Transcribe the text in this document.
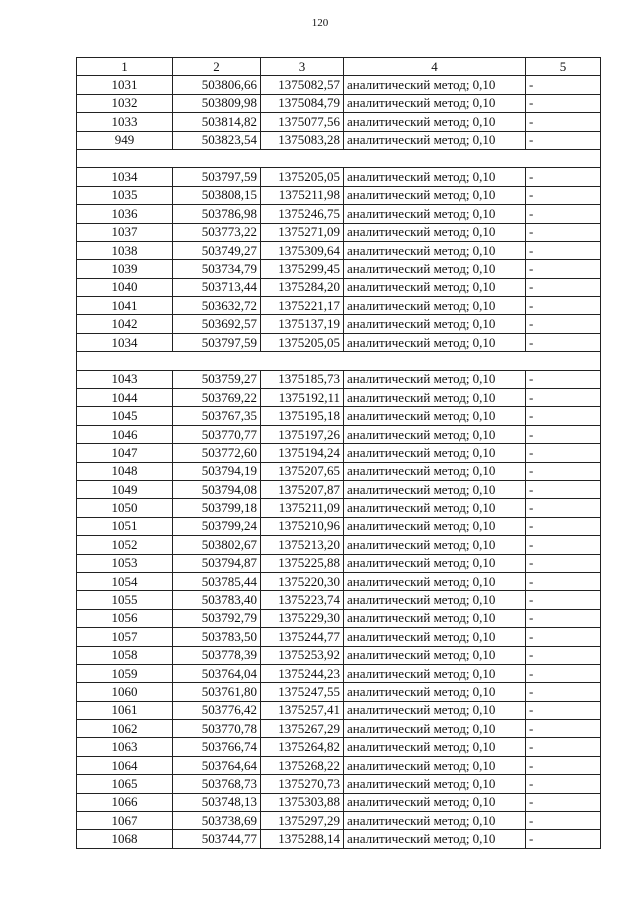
120
1	2	3	4	5
1031	503806,66	1375082,57	аналитический метод; 0,10	-
1032	503809,98	1375084,79	аналитический метод; 0,10	-
1033	503814,82	1375077,56	аналитический метод; 0,10	-
949	503823,54	1375083,28	аналитический метод; 0,10	-

1034	503797,59	1375205,05	аналитический метод; 0,10	-
1035	503808,15	1375211,98	аналитический метод; 0,10	-
1036	503786,98	1375246,75	аналитический метод; 0,10	-
1037	503773,22	1375271,09	аналитический метод; 0,10	-
1038	503749,27	1375309,64	аналитический метод; 0,10	-
1039	503734,79	1375299,45	аналитический метод; 0,10	-
1040	503713,44	1375284,20	аналитический метод; 0,10	-
1041	503632,72	1375221,17	аналитический метод; 0,10	-
1042	503692,57	1375137,19	аналитический метод; 0,10	-
1034	503797,59	1375205,05	аналитический метод; 0,10	-

1043	503759,27	1375185,73	аналитический метод; 0,10	-
1044	503769,22	1375192,11	аналитический метод; 0,10	-
1045	503767,35	1375195,18	аналитический метод; 0,10	-
1046	503770,77	1375197,26	аналитический метод; 0,10	-
1047	503772,60	1375194,24	аналитический метод; 0,10	-
1048	503794,19	1375207,65	аналитический метод; 0,10	-
1049	503794,08	1375207,87	аналитический метод; 0,10	-
1050	503799,18	1375211,09	аналитический метод; 0,10	-
1051	503799,24	1375210,96	аналитический метод; 0,10	-
1052	503802,67	1375213,20	аналитический метод; 0,10	-
1053	503794,87	1375225,88	аналитический метод; 0,10	-
1054	503785,44	1375220,30	аналитический метод; 0,10	-
1055	503783,40	1375223,74	аналитический метод; 0,10	-
1056	503792,79	1375229,30	аналитический метод; 0,10	-
1057	503783,50	1375244,77	аналитический метод; 0,10	-
1058	503778,39	1375253,92	аналитический метод; 0,10	-
1059	503764,04	1375244,23	аналитический метод; 0,10	-
1060	503761,80	1375247,55	аналитический метод; 0,10	-
1061	503776,42	1375257,41	аналитический метод; 0,10	-
1062	503770,78	1375267,29	аналитический метод; 0,10	-
1063	503766,74	1375264,82	аналитический метод; 0,10	-
1064	503764,64	1375268,22	аналитический метод; 0,10	-
1065	503768,73	1375270,73	аналитический метод; 0,10	-
1066	503748,13	1375303,88	аналитический метод; 0,10	-
1067	503738,69	1375297,29	аналитический метод; 0,10	-
1068	503744,77	1375288,14	аналитический метод; 0,10	-
